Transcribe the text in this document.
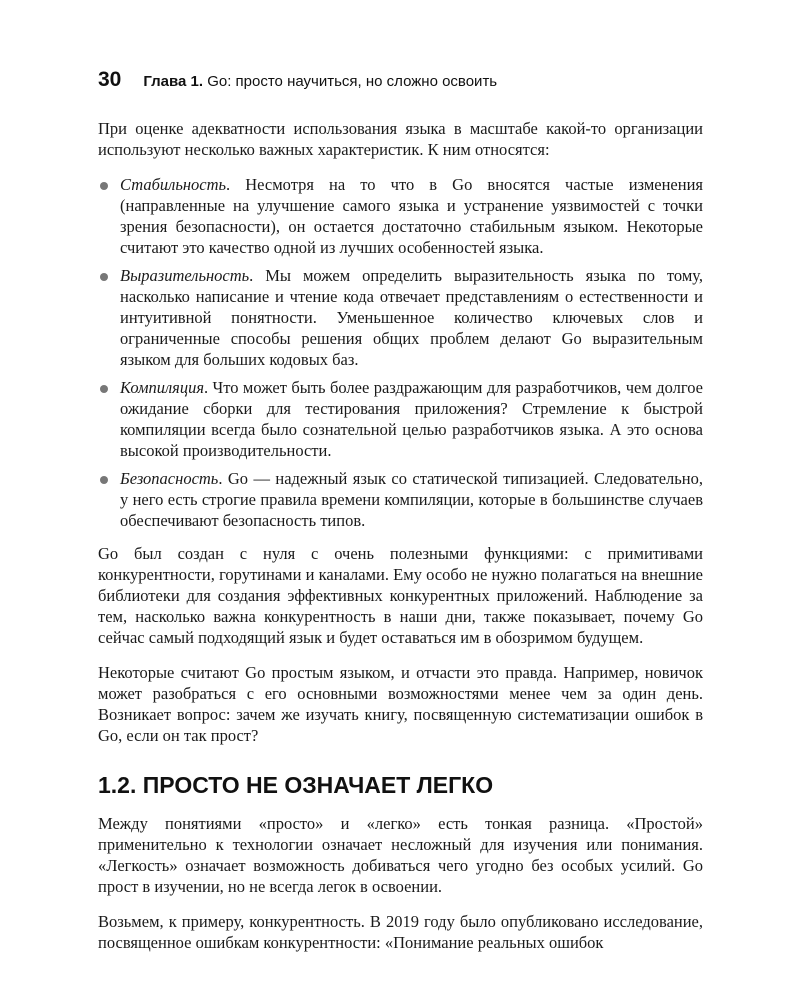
30 Глава 1. Go: просто научиться, но сложно освоить

При оценке адекватности использования языка в масштабе какой-то организации используют несколько важных характеристик. К ним относятся:

Стабильность. Несмотря на то что в Go вносятся частые изменения (направленные на улучшение самого языка и устранение уязвимостей с точки зрения безопасности), он остается достаточно стабильным языком. Некоторые считают это качество одной из лучших особенностей языка.
Выразительность. Мы можем определить выразительность языка по тому, насколько написание и чтение кода отвечает представлениям о естественности и интуитивной понятности. Уменьшенное количество ключевых слов и ограниченные способы решения общих проблем делают Go выразительным языком для больших кодовых баз.
Компиляция. Что может быть более раздражающим для разработчиков, чем долгое ожидание сборки для тестирования приложения? Стремление к быстрой компиляции всегда было сознательной целью разработчиков языка. А это основа высокой производительности.
Безопасность. Go — надежный язык со статической типизацией. Следовательно, у него есть строгие правила времени компиляции, которые в большинстве случаев обеспечивают безопасность типов.

Go был создан с нуля с очень полезными функциями: с примитивами конкурентности, горутинами и каналами. Ему особо не нужно полагаться на внешние библиотеки для создания эффективных конкурентных приложений. Наблюдение за тем, насколько важна конкурентность в наши дни, также показывает, почему Go сейчас самый подходящий язык и будет оставаться им в обозримом будущем.

Некоторые считают Go простым языком, и отчасти это правда. Например, новичок может разобраться с его основными возможностями менее чем за один день. Возникает вопрос: зачем же изучать книгу, посвященную систематизации ошибок в Go, если он так прост?

1.2. ПРОСТО НЕ ОЗНАЧАЕТ ЛЕГКО

Между понятиями «просто» и «легко» есть тонкая разница. «Простой» применительно к технологии означает несложный для изучения или понимания. «Легкость» означает возможность добиваться чего угодно без особых усилий. Go прост в изучении, но не всегда легок в освоении.

Возьмем, к примеру, конкурентность. В 2019 году было опубликовано исследование, посвященное ошибкам конкурентности: «Понимание реальных ошибок
